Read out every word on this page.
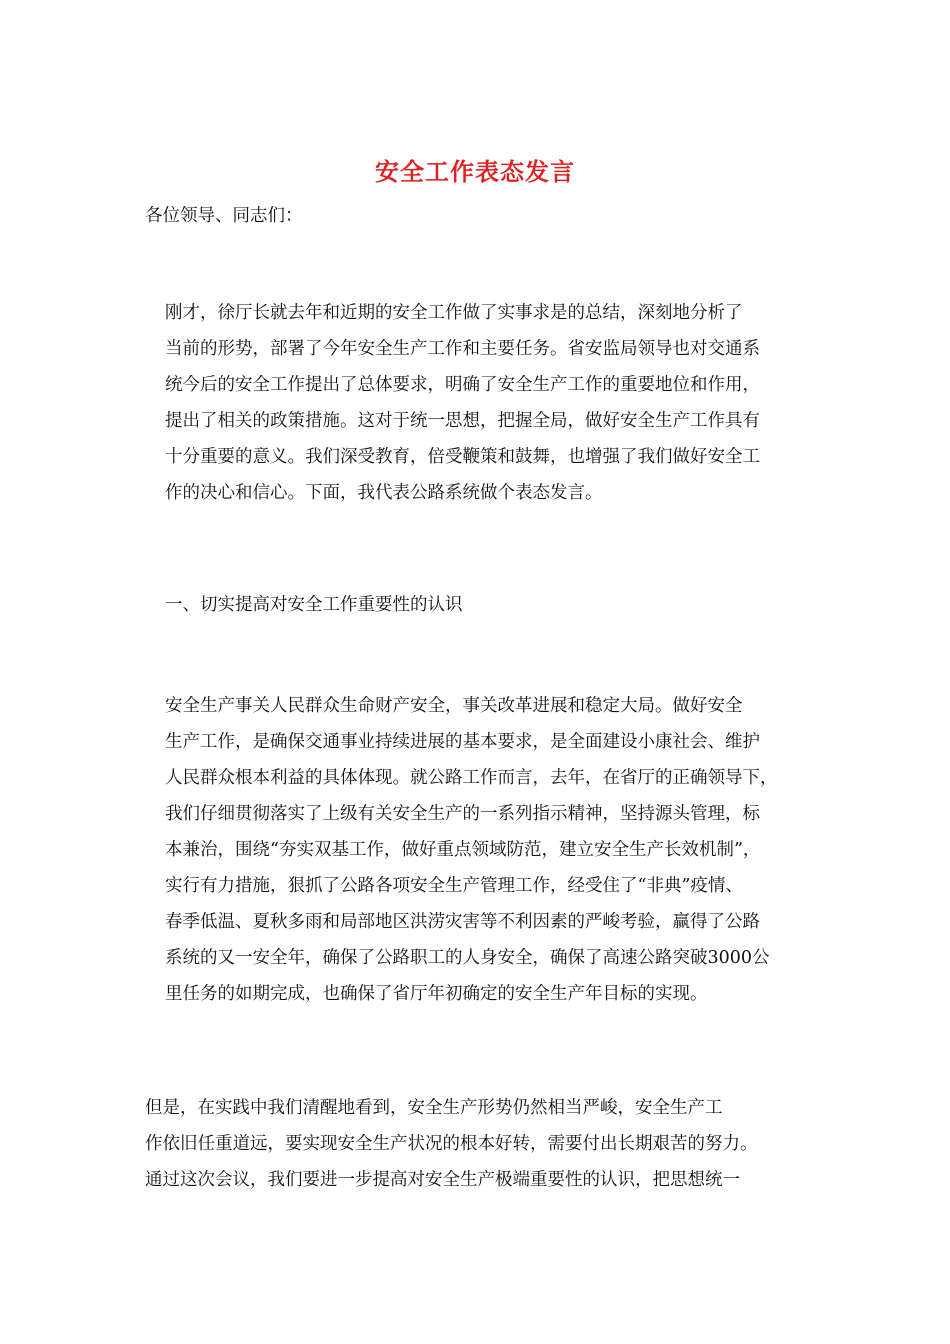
安全工作表态发言
各位领导、同志们：

刚才，徐厅长就去年和近期的安全工作做了实事求是的总结，深刻地分析了
当前的形势，部署了今年安全生产工作和主要任务。省安监局领导也对交通系
统今后的安全工作提出了总体要求，明确了安全生产工作的重要地位和作用，
提出了相关的政策措施。这对于统一思想，把握全局，做好安全生产工作具有
十分重要的意义。我们深受教育，倍受鞭策和鼓舞，也增强了我们做好安全工
作的决心和信心。下面，我代表公路系统做个表态发言。

一、切实提高对安全工作重要性的认识

安全生产事关人民群众生命财产安全，事关改革进展和稳定大局。做好安全
生产工作，是确保交通事业持续进展的基本要求，是全面建设小康社会、维护
人民群众根本利益的具体体现。就公路工作而言，去年，在省厅的正确领导下，
我们仔细贯彻落实了上级有关安全生产的一系列指示精神，坚持源头管理，标
本兼治，围绕“夯实双基工作，做好重点领域防范，建立安全生产长效机制”，
实行有力措施，狠抓了公路各项安全生产管理工作，经受住了“非典”疫情、
春季低温、夏秋多雨和局部地区洪涝灾害等不利因素的严峻考验，赢得了公路
系统的又一安全年，确保了公路职工的人身安全，确保了高速公路突破3000公
里任务的如期完成，也确保了省厅年初确定的安全生产年目标的实现。

但是，在实践中我们清醒地看到，安全生产形势仍然相当严峻，安全生产工
作依旧任重道远，要实现安全生产状况的根本好转，需要付出长期艰苦的努力。
通过这次会议，我们要进一步提高对安全生产极端重要性的认识，把思想统一
